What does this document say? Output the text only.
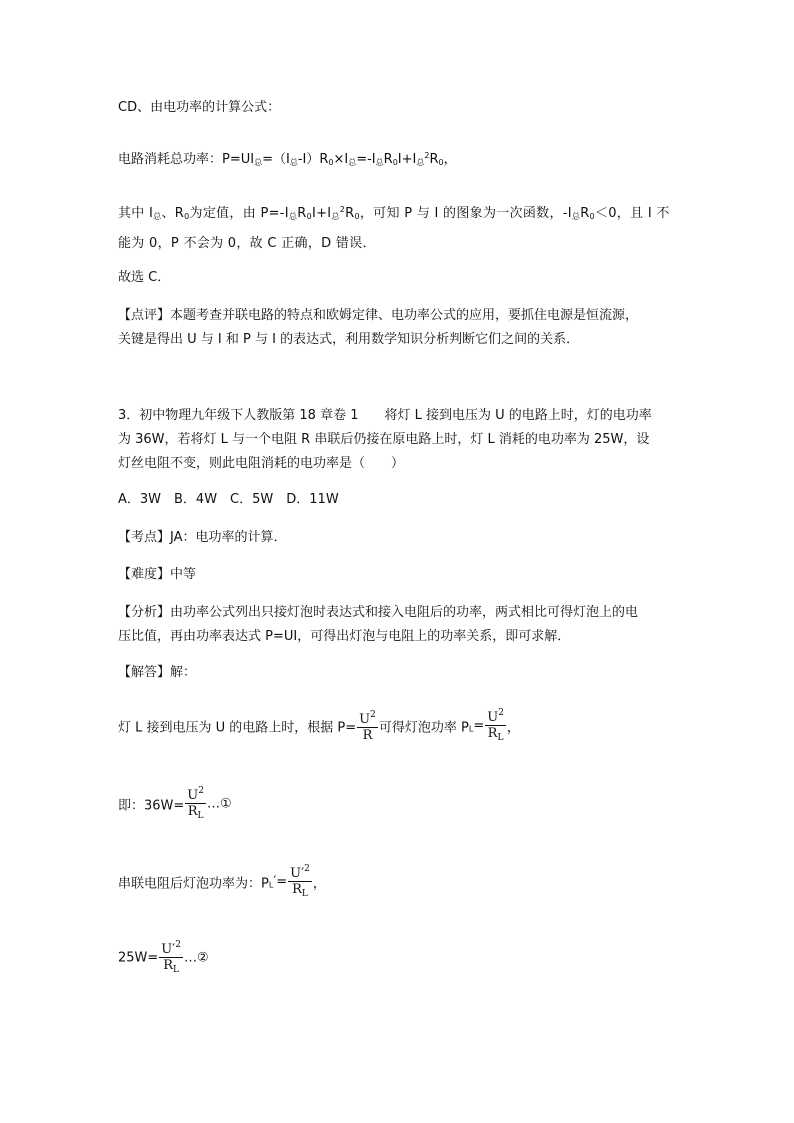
CD、由电功率的计算公式：
电路消耗总功率：$P=UI_总=(I_总-I)R_0\times I_总=-I_总R_0I+I_总^2R_0$，
其中 $I_总$、$R_0$为定值，由 $P=-I_总R_0I+I_总^2R_0$，可知 P 与 I 的图象为一次函数，$-I_总R_0<0$，且 I 不
能为 0，P 不会为 0，故 C 正确，D 错误．
故选 C．
【点评】本题考查并联电路的特点和欧姆定律、电功率公式的应用，要抓住电源是恒流源，
关键是得出 U 与 I 和 P 与 I 的表达式，利用数学知识分析判断它们之间的关系．
3．初中物理九年级下人教版第 18 章卷 1　　将灯 L 接到电压为 U 的电路上时，灯的电功率
为 36W，若将灯 L 与一个电阻 R 串联后仍接在原电路上时，灯 L 消耗的电功率为 25W，设
灯丝电阻不变，则此电阻消耗的电功率是（　　）
A．3W　B．4W　C．5W　D．11W
【考点】JA：电功率的计算．
【难度】中等
【分析】由功率公式列出只接灯泡时表达式和接入电阻后的功率，两式相比可得灯泡上的电
压比值，再由功率表达式 P=UI，可得出灯泡与电阻上的功率关系，即可求解．
【解答】解：
灯 L 接到电压为 U 的电路上时，根据 $P= \frac{U^2}{R}$ 可得灯泡功率 $P_L= \frac{U^2}{R_L}$ ，
即：$36W= \frac{U^2}{R_L}$ …①
串联电阻后灯泡功率为：$P_L'= \frac{U'^2}{R_L}$ ，
$25W= \frac{U'^2}{R_L}$ …②
